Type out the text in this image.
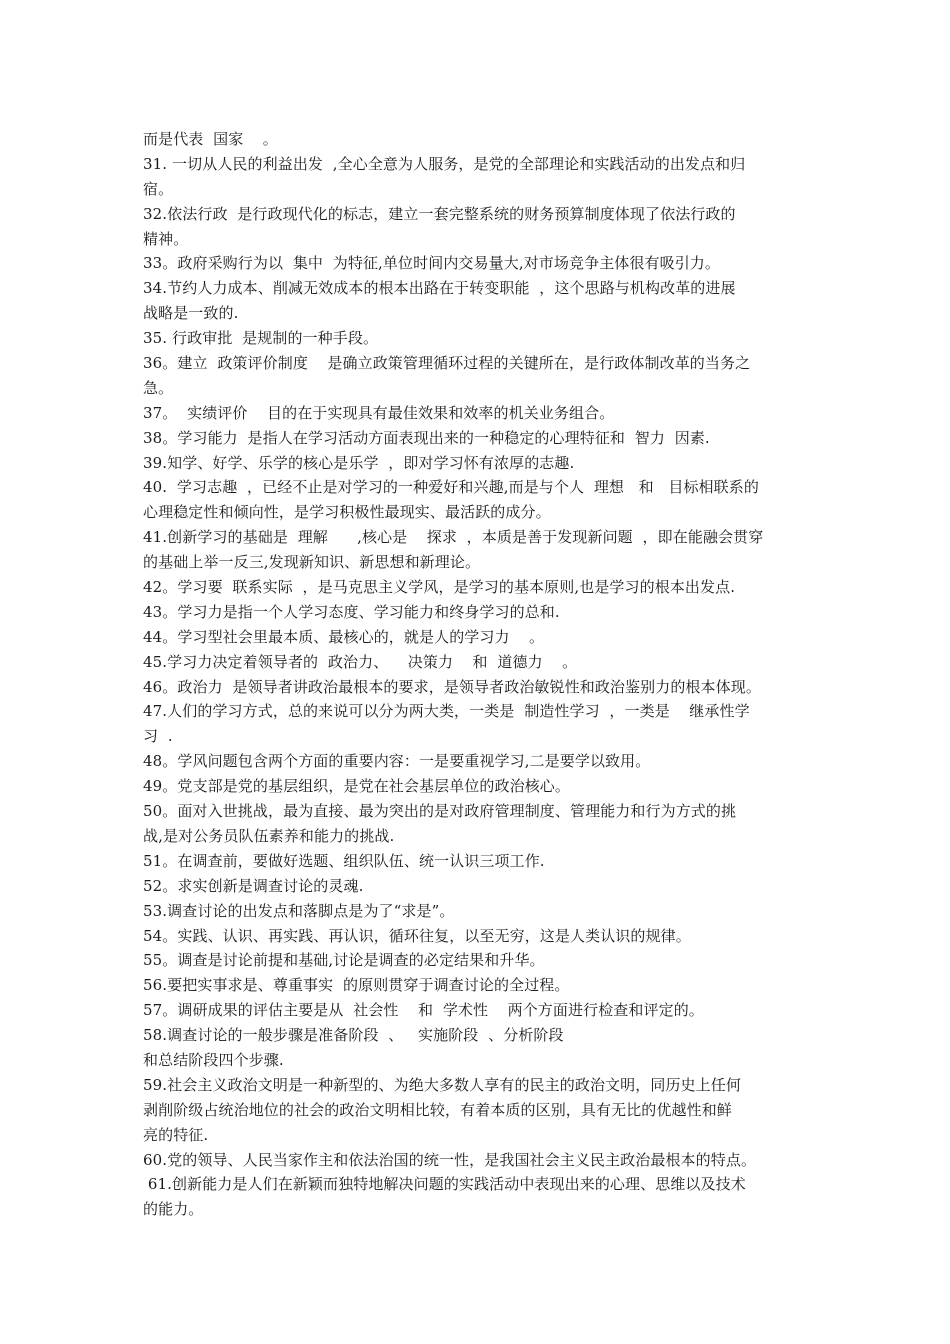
而是代表  国家    。
31. 一切从人民的利益出发  ,全心全意为人服务，是党的全部理论和实践活动的出发点和归
宿。
32.依法行政  是行政现代化的标志，建立一套完整系统的财务预算制度体现了依法行政的
精神。
33。政府采购行为以  集中  为特征,单位时间内交易量大,对市场竞争主体很有吸引力。
34.节约人力成本、削减无效成本的根本出路在于转变职能  ，这个思路与机构改革的进展
战略是一致的.
35. 行政审批  是规制的一种手段。
36。建立  政策评价制度    是确立政策管理循环过程的关键所在，是行政体制改革的当务之
急。
37。  实绩评价    目的在于实现具有最佳效果和效率的机关业务组合。
38。学习能力  是指人在学习活动方面表现出来的一种稳定的心理特征和  智力  因素.
39.知学、好学、乐学的核心是乐学  ，即对学习怀有浓厚的志趣.
40.  学习志趣  ，已经不止是对学习的一种爱好和兴趣,而是与个人  理想   和   目标相联系的
心理稳定性和倾向性，是学习积极性最现实、最活跃的成分。
41.创新学习的基础是  理解      ,核心是    探求  ，本质是善于发现新问题  ，即在能融会贯穿
的基础上举一反三,发现新知识、新思想和新理论。
42。学习要  联系实际  ，是马克思主义学风，是学习的基本原则,也是学习的根本出发点.
43。学习力是指一个人学习态度、学习能力和终身学习的总和.
44。学习型社会里最本质、最核心的，就是人的学习力    。
45.学习力决定着领导者的  政治力、    决策力    和  道德力    。
46。政治力  是领导者讲政治最根本的要求，是领导者政治敏锐性和政治鉴别力的根本体现。
47.人们的学习方式，总的来说可以分为两大类，一类是  制造性学习  ，一类是    继承性学
习  .
48。学风问题包含两个方面的重要内容：一是要重视学习,二是要学以致用。
49。党支部是党的基层组织，是党在社会基层单位的政治核心。
50。面对入世挑战，最为直接、最为突出的是对政府管理制度、管理能力和行为方式的挑
战,是对公务员队伍素养和能力的挑战.
51。在调查前，要做好选题、组织队伍、统一认识三项工作.
52。求实创新是调查讨论的灵魂.
53.调查讨论的出发点和落脚点是为了“求是”。
54。实践、认识、再实践、再认识，循环往复，以至无穷，这是人类认识的规律。
55。调查是讨论前提和基础,讨论是调查的必定结果和升华。
56.要把实事求是、尊重事实  的原则贯穿于调查讨论的全过程。
57。调研成果的评估主要是从  社会性    和  学术性    两个方面进行检查和评定的。
58.调查讨论的一般步骤是准备阶段  、   实施阶段  、分析阶段
和总结阶段四个步骤.
59.社会主义政治文明是一种新型的、为绝大多数人享有的民主的政治文明，同历史上任何
剥削阶级占统治地位的社会的政治文明相比较，有着本质的区别，具有无比的优越性和鲜
亮的特征.
60.党的领导、人民当家作主和依法治国的统一性，是我国社会主义民主政治最根本的特点。
61.创新能力是人们在新颖而独特地解决问题的实践活动中表现出来的心理、思维以及技术
的能力。
